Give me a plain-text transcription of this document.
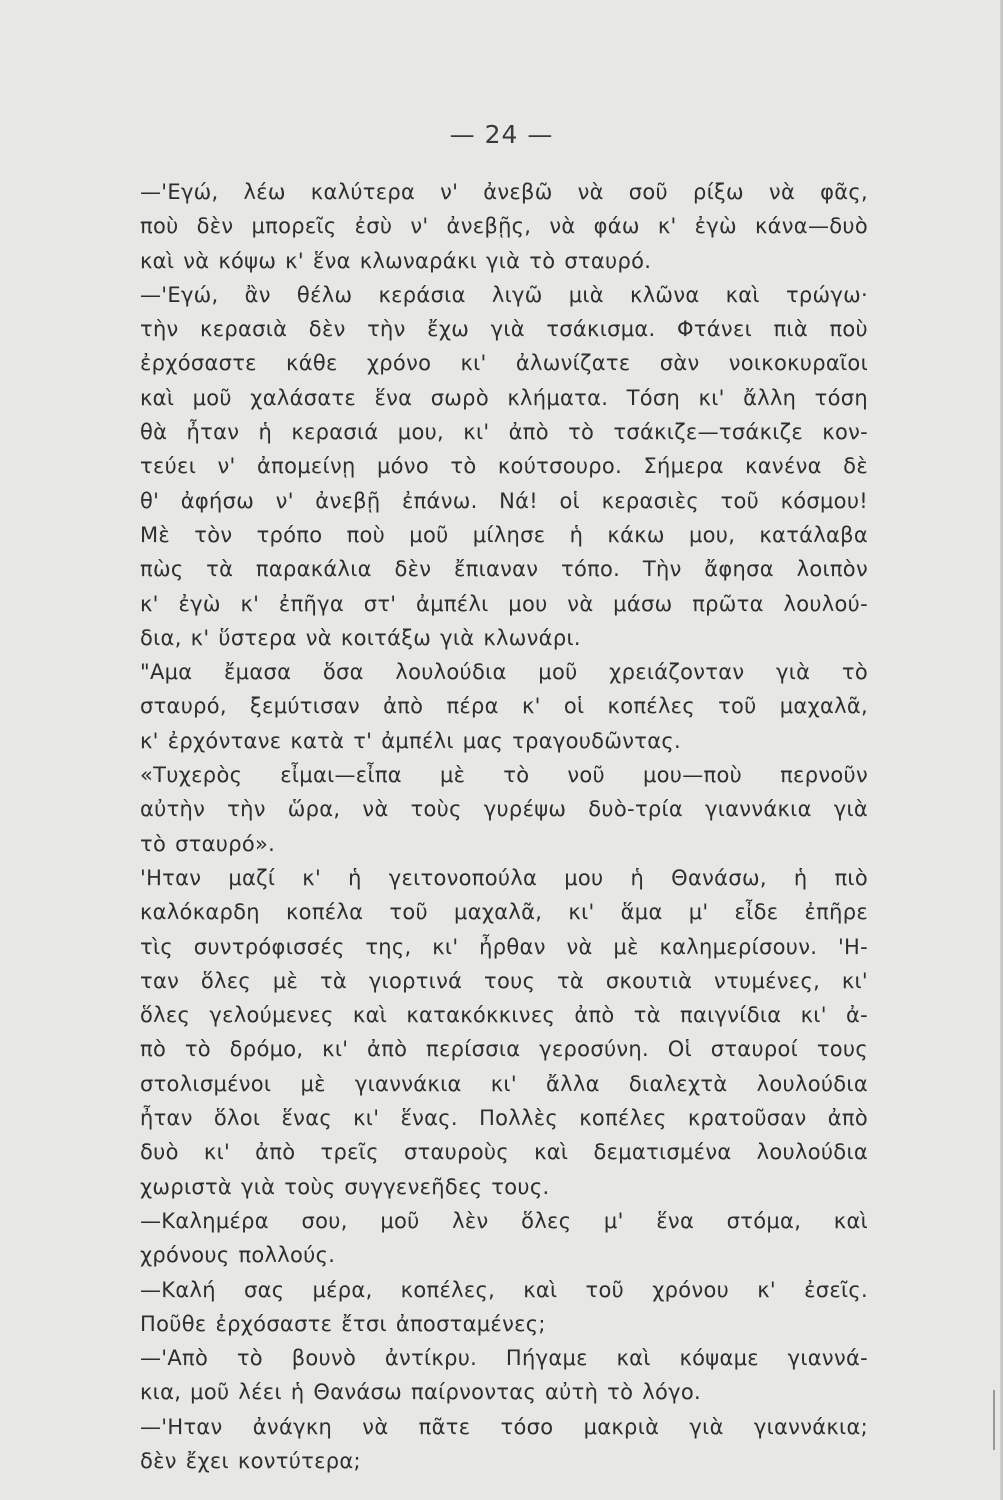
— 24 —
—'Εγώ, λέω καλύτερα ν' ἀνεβῶ νὰ σοῦ ρίξω νὰ φᾶς,
ποὺ δὲν μπορεῖς ἐσὺ ν' ἀνεβῇς, νὰ φάω κ' ἐγὼ κάνα—δυὸ
καὶ νὰ κόψω κ' ἕνα κλωναράκι γιὰ τὸ σταυρό.
—'Εγώ, ἂν θέλω κεράσια λιγῶ μιὰ κλῶνα καὶ τρώγω·
τὴν κερασιὰ δὲν τὴν ἔχω γιὰ τσάκισμα. Φτάνει πιὰ ποὺ
ἐρχόσαστε κάθε χρόνο κι' ἀλωνίζατε σὰν νοικοκυραῖοι
καὶ μοῦ χαλάσατε ἕνα σωρὸ κλήματα. Τόση κι' ἄλλη τόση
θὰ ἦταν ἡ κερασιά μου, κι' ἀπὸ τὸ τσάκιζε—τσάκιζε κον-
τεύει ν' ἀπομείνῃ μόνο τὸ κούτσουρο. Σήμερα κανένα δὲ
θ' ἀφήσω ν' ἀνεβῇ ἐπάνω. Νά! οἱ κερασιὲς τοῦ κόσμου!
Μὲ τὸν τρόπο ποὺ μοῦ μίλησε ἡ κάκω μου, κατάλαβα
πὼς τὰ παρακάλια δὲν ἔπιαναν τόπο. Τὴν ἄφησα λοιπὸν
κ' ἐγὼ κ' ἐπῆγα στ' ἀμπέλι μου νὰ μάσω πρῶτα λουλού-
δια, κ' ὕστερα νὰ κοιτάξω γιὰ κλωνάρι.
"Αμα ἔμασα ὅσα λουλούδια μοῦ χρειάζονταν γιὰ τὸ
σταυρό, ξεμύτισαν ἀπὸ πέρα κ' οἱ κοπέλες τοῦ μαχαλᾶ,
κ' ἐρχόντανε κατὰ τ' ἀμπέλι μας τραγουδῶντας.
«Τυχερὸς εἶμαι—εἶπα μὲ τὸ νοῦ μου—ποὺ περνοῦν
αὐτὴν τὴν ὥρα, νὰ τοὺς γυρέψω δυὸ-τρία γιαννάκια γιὰ
τὸ σταυρό».
'Ηταν μαζί κ' ἡ γειτονοπούλα μου ἡ Θανάσω, ἡ πιὸ
καλόκαρδη κοπέλα τοῦ μαχαλᾶ, κι' ἅμα μ' εἶδε ἐπῆρε
τὶς συντρόφισσές της, κι' ἦρθαν νὰ μὲ καλημερίσουν. 'Η-
ταν ὅλες μὲ τὰ γιορτινά τους τὰ σκουτιὰ ντυμένες, κι'
ὅλες γελούμενες καὶ κατακόκκινες ἀπὸ τὰ παιγνίδια κι' ἀ-
πὸ τὸ δρόμο, κι' ἀπὸ περίσσια γεροσύνη. Οἱ σταυροί τους
στολισμένοι μὲ γιαννάκια κι' ἄλλα διαλεχτὰ λουλούδια
ἦταν ὅλοι ἕνας κι' ἕνας. Πολλὲς κοπέλες κρατοῦσαν ἀπὸ
δυὸ κι' ἀπὸ τρεῖς σταυροὺς καὶ δεματισμένα λουλούδια
χωριστὰ γιὰ τοὺς συγγενεῆδες τους.
—Καλημέρα σου, μοῦ λὲν ὅλες μ' ἕνα στόμα, καὶ
χρόνους πολλούς.
—Καλή σας μέρα, κοπέλες, καὶ τοῦ χρόνου κ' ἐσεῖς.
Ποῦθε ἐρχόσαστε ἔτσι ἀποσταμένες;
—'Απὸ τὸ βουνὸ ἀντίκρυ. Πήγαμε καὶ κόψαμε γιαννά-
κια, μοῦ λέει ἡ Θανάσω παίρνοντας αὐτὴ τὸ λόγο.
—'Ηταν ἀνάγκη νὰ πᾶτε τόσο μακριὰ γιὰ γιαννάκια;
δὲν ἔχει κοντύτερα;
